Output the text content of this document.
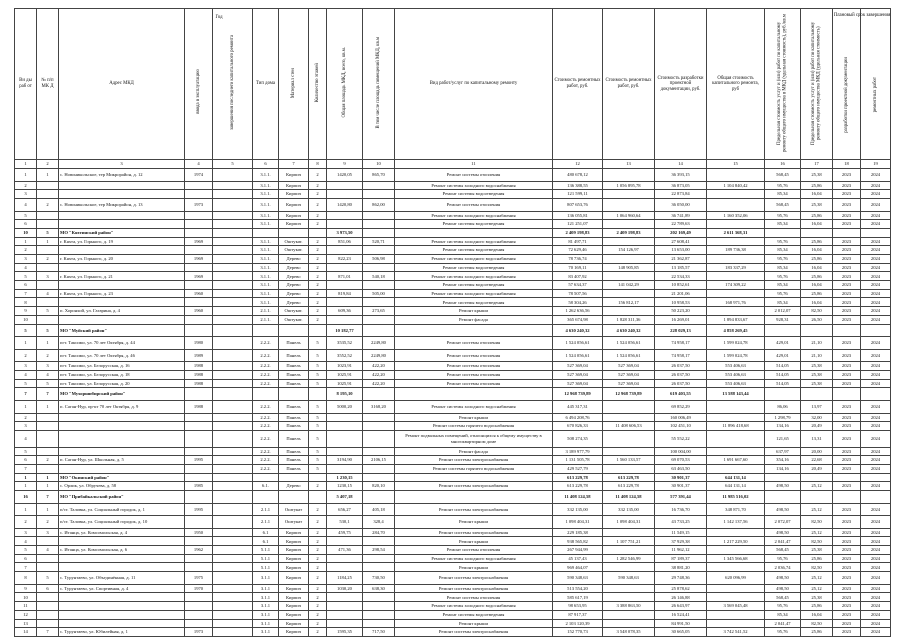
Ви ды раб от	№ п/п МК Д	Адрес МКД	Год
ввода в эксплуатацию	завершения последнего капитального ремонта	Тип дома	Материал стен	Количество этажей	Общая площадь МКД, всего, кв.м.	В том числе площадь помещений МКД, кв.м	Вид работ/услуг по капитальному ремонту	Стоимость ремонтных работ, руб.	Стоимость ремонтных работ, руб.	Стоимость разработки проектной документации, руб.	Общая стоимость капитального ремонта, руб	Предельная стоимость услуг и (или) работ по капитальному ремонту общего имущества в МКД (удельная стоимость), руб./кв.м	Предельная стоимость услуг и (или) работ по капитальному ремонту общего имущества МКД (удельная стоимость)	Плановый срок завершения
разработки проектной документации	ремонтных работ
1	2	3	4	5	6	7	8	9	10	11	12	13	14	15	16	17	18	19
1	1	с. Новоникольское, тер Микрорайон, д. 12	1974		3.1.1.	Кирпич	2	1420,05	865,70	Ремонт системы отопления	480 678,12		36 393,15		568,45	25,38	2023	2024
2					3.1.1.	Кирпич	2			Ремонт системы холодного водоснабжения	136 388,55	1 056 895,78	36 873,05	1 104 840,42	95,76	25,86	2023	2024
3					3.1.1.	Кирпич	2			Ремонт системы водоотведения	121 599,11		22 873,84		85,34	16,04	2023	2024
4	2	с. Новоникольское, тер Микрорайон, д. 13	1973		3.1.1.	Кирпич	2	1420,80	862,00	Ремонт системы отопления	807 653,76		36 050,00		568,45	25,38	2023	2024
5					3.1.1.	Кирпич	2			Ремонт системы холодного водоснабжения	136 055,81	1 064 960,64	36 741,89	1 160 352,06	95,76	25,86	2023	2024
6					3.1.1.	Кирпич	2			Ремонт системы водоотведения	121 251,07		22 789,63		85,34	16,04	2023	2024
10	5	МО "Кяхтинский район"						3 973,50			2 409 198,83	2 409 198,83	202 169,49	2 611 368,31				
1	1	г. Кяхта, ул. Горького, д. 19	1969		3.1.1.	Оштукат.	2	851,06	520,71	Ремонт системы холодного водоснабжения	81 497,71		27 608,41		95,76	25,86	2023	2024
2					3.1.1.	Оштукат.	2			Ремонт системы водоотведения	72 629,46	154 126,97	13 653,00	189 736,38	85,34	16,04	2023	2024
3	2	г. Кяхта, ул. Горького, д. 20	1969		3.1.1.	Дерево	2	822,23	506,98	Ремонт системы холодного водоснабжения	78 736,74		21 362,87		95,76	25,86	2023	2024
4					3.1.1.	Дерево	2			Ремонт системы водоотведения	70 169,11	148 905,85	13 185,57	183 337,29	85,34	16,04	2023	2024
5	3	г. Кяхта, ул. Горького, д. 21	1969		3.1.1.	Дерево	2	871,01	540,18	Ремонт системы холодного водоснабжения	83 407,92		22 534,33		95,76	25,86	2023	2024
6					3.1.1.	Дерево	2			Ремонт системы водоотведения	57 634,37	141 042,29	10 852,61	174 309,22	85,34	16,04	2023	2024
7	4	г. Кяхта, ул. Горького, д. 23	1960		3.1.1.	Дерево	2	819,84	505,00	Ремонт системы холодного водоснабжения	78 507,56		21 201,06		95,76	25,86	2023	2024
8					3.1.1.	Дерево	2			Ремонт системы водоотведения	58 304,26	156 812,17	10 958,53	168 971,76	85,34	16,04	2023	2024
9	5	п. Хоронхой, ул. Гагарина, д. 4	1960		2.1.1.	Оштукат.	2	609,36	273,65	Ремонт крыши	1 262 636,56		50 223,20		2 012,07	82,50	2023	2024
10					2.1.1.	Оштукат.	2			Ремонт фасада	365 674,98	1 828 311,36	16 269,01	1 894 833,67	928,31	26,50	2023	2024
5	5	МО "Муйский район"						10 182,77			4 630 240,32	4 630 240,32	228 029,13	4 858 269,45				
1	1	пгт. Таксимо, ул. 70 лет Октября, д. 44	1980		2.2.2.	Панель	5	3535,52	2249,80	Ремонт системы отопления	1 524 056,61	1 524 056,61	74 958,17	1 599 024,78	429,01	21,10	2023	2024
2	2	пгт. Таксимо, ул. 70 лет Октября, д. 46	1989		2.2.2.	Панель	5	3552,52	2249,80	Ремонт системы отопления	1 524 056,61	1 524 056,61	74 958,17	1 599 024,78	429,01	21,10	2023	2024
3	3	пгт. Таксимо, ул. Белорусская, д. 16	1988		2.2.2.	Панель	5	1023,91	422,20	Ремонт системы отопления	527 369,04	527 369,04	26 037,50	553 406,63	514,05	25,38	2023	2024
4	4	пгт. Таксимо, ул. Белорусская, д. 18	1988		2.2.2.	Панель	5	1025,91	422,20	Ремонт системы отопления	527 369,04	527 369,04	26 037,50	553 406,63	514,05	25,38	2023	2024
5	5	пгт. Таксимо, ул. Белорусская, д. 20	1988		2.2.2.	Панель	5	1025,91	422,20	Ремонт системы отопления	527 369,04	527 369,04	26 037,50	553 406,63	514,05	25,38	2023	2024
7	7	МО "Мухоршибирский район"						8 195,10			12 968 739,89	12 968 739,89	619 403,55	13 588 143,44				
1	1	п. Саган-Нур, пр-кт 70 лет Октября, д. 9	1988		2.2.2.	Панель	5	5000,20	3168,20	Ремонт системы холодного водоснабжения	445 317,31		69 852,29		86,06	13,97	2023	2024
2					2.2.2.	Панель	5			Ремонт крыши	6 494 208,76		160 006,49		1 298,79	32,00	2023	2024
3					2.2.2.	Панель	5			Ремонт системы горячего водоснабжения	670 826,33	11 408 606,53	102 451,10	11 896 418,68	134,16	20,49	2023	2024
4					2.2.2.	Панель	5			Ремонт подвальных помещений, относящихся к общему имуществу в многоквартирном доме	508 274,35		55 552,22		121,65	13,31	2023	2024
5					2.2.2.	Панель	5			Ремонт фасада	3 189 977,79		100 004,00		637,97	20,00	2023	2024
6	2	п. Саган-Нур, ул. Школьная, д. 5	1995		2.2.2.	Панель	5	3194,90	2106,15	Ремонт системы электроснабжения	1 131 505,78	1 560 133,57	69 070,53	1 691 667,60	354,16	22,68	2023	2024
7					2.2.2.	Панель	5			Ремонт системы горячего водоснабжения	429 527,79		63 463,50		134,16	20,49	2023	2024
1	1	МО "Окинский район"						1 230,15			613 229,78	613 229,78	30 901,37	644 131,14				
1	1	с. Орлик, ул. Обручева, д. 58	1985		6.1.	Дерево	2	1230,15	820,10	Ремонт системы электроснабжения	613 229,78	613 229,78	30 901,37	644 131,14	498,50	25,12	2023	2024
16	7	МО "Прибайкальский район"						5 407,18			11 408 124,58	11 408 124,58	577 391,44	11 985 516,02				
1	1	п/ст. Таловка, ул. Социальный городок, д. 1	1995		2.1.1	Оштукат	2	656,27	405,18	Ремонт системы электроснабжения	332 135,00	332 135,00	16 736,70	348 871,70	498,50	25,12	2023	2024
2	2	п/ст. Таловка, ул. Социальный городок, д. 10			2.1.1	Оштукат	2	530,1	328,4	Ремонт крыши	1 098 404,31	1 098 404,31	43 733,25	1 142 137,56	2 072,07	82,50	2023	2024
3	3	с. Итанца, ул. Комсомольская, д. 4	1950		6.1	Кирпич	2	459,75	284,70	Ремонт системы электроснабжения	229 185,38		11 549,15		498,50	25,12	2023	2024
4					6.1	Кирпич	2			Ремонт крыши	938 565,82	1 107 751,21	37 929,38	1 217 229,50	2 041,47	82,50	2023	2024
5	4	с. Итанца, ул. Комсомольская, д. 6	1962		5.1.1	Кирпич	2	471,36	298,54	Ремонт системы отопления	267 944,99		11 962,12		568,45	25,38	2023	2024
6					5.1.1	Кирпич	2			Ремонт системы холодного водоснабжения	45 137,43	1 282 546,99	87 189,37	1 345 566,68	95,76	25,86	2023	2024
7					5.1.1	Кирпич	2			Ремонт крыши	969 464,07		38 881,20		2 036,74	82,50	2023	2024
8	5	с. Турунтаево, ул. Объединённая, д. 11	1975		3.1.1	Кирпич	2	1184,25	730,50	Ремонт системы электроснабжения	590 348,63	590 348,63	29 748,36	620 096,99	498,50	25,12	2023	2024
9	6	с. Турунтаево, ул. Спортивная, д. 4	1970		3.1.1	Кирпич	2	1030,20	638,30	Ремонт системы электроснабжения	513 554,20		25 878,62		498,50	25,12	2023	2024
10					3.1.1	Кирпич	2			Ремонт системы отопления	585 617,19		26 146,88		568,45	25,38	2023	2024
11					3.1.1	Кирпич	2			Ремонт системы холодного водоснабжения	98 653,95	3 388 863,50	26 643,97	3 569 045,48	95,76	25,86	2023	2024
12					3.1.1	Кирпич	2			Ремонт системы водоотведения	87 917,37		16 524,41		85,34	16,04	2023	2024
13					3.1.1	Кирпич	2			Ремонт крыши	2 103 120,39		84 991,50		2 041,47	82,50	2023	2024
14	7	с. Турунтаево, ул. Юбилейная, д. 1	1973		3.1.1	Кирпич	2	1595,35	717,50	Ремонт системы электроснабжения	152 770,73	3 548 078,35	30 665,05	3 742 541,52	95,76	25,86	2023	2024
